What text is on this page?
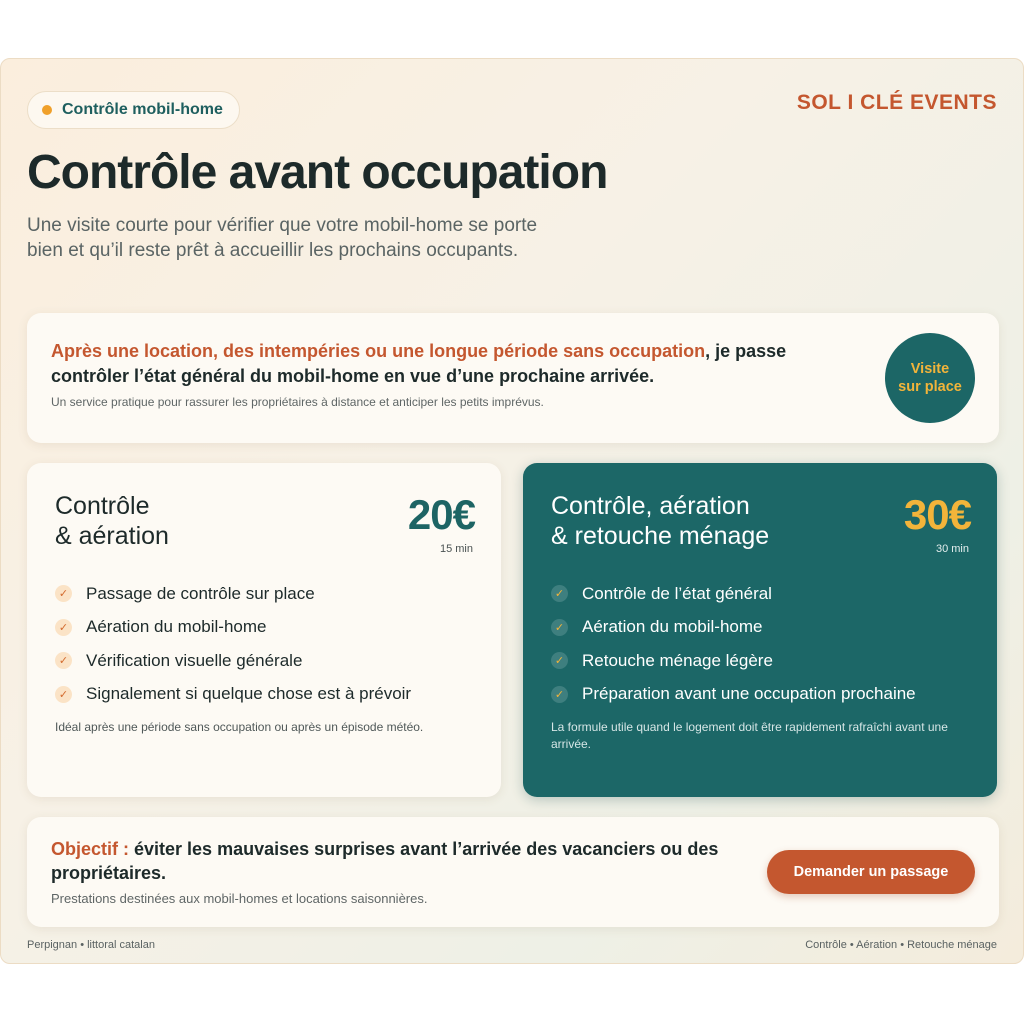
Contrôle mobil-home	SOL I CLÉ EVENTS
Contrôle avant occupation

Une visite courte pour vérifier que votre mobil-home se porte bien et qu’il reste prêt à accueillir les prochains occupants.

Après une location, des intempéries ou une longue période sans occupation, je passe contrôler l’état général du mobil-home en vue d’une prochaine arrivée.
Un service pratique pour rassurer les propriétaires à distance et anticiper les petits imprévus.
Visite
sur place
Contrôle
& aération	20€
15 min
✓ Passage de contrôle sur place
✓ Aération du mobil-home
✓ Vérification visuelle générale
✓ Signalement si quelque chose est à prévoir
Idéal après une période sans occupation ou après un épisode météo.
Contrôle, aération
& retouche ménage	30€
30 min
✓ Contrôle de l’état général
✓ Aération du mobil-home
✓ Retouche ménage légère
✓ Préparation avant une occupation prochaine
La formule utile quand le logement doit être rapidement rafraîchi avant une arrivée.
Objectif : éviter les mauvaises surprises avant l’arrivée des vacanciers ou des propriétaires.
Prestations destinées aux mobil-homes et locations saisonnières.
Demander un passage
Perpignan • littoral catalan	Contrôle • Aération • Retouche ménage
